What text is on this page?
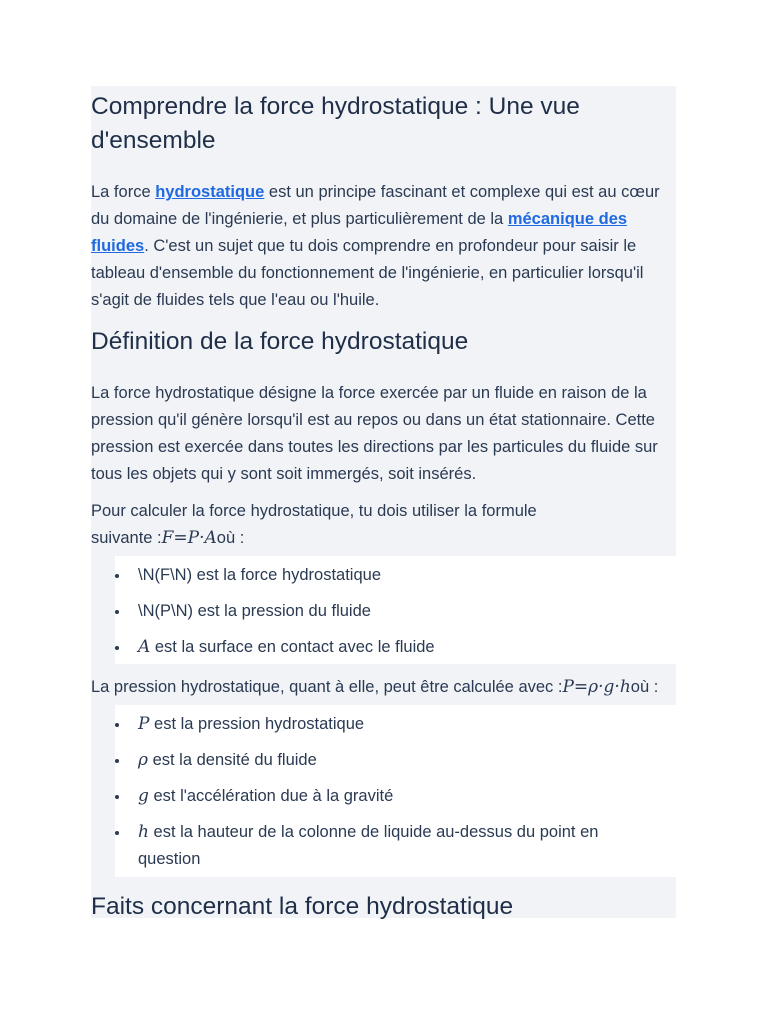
Comprendre la force hydrostatique : Une vue d'ensemble

La force hydrostatique est un principe fascinant et complexe qui est au cœur du domaine de l'ingénierie, et plus particulièrement de la mécanique des fluides. C'est un sujet que tu dois comprendre en profondeur pour saisir le tableau d'ensemble du fonctionnement de l'ingénierie, en particulier lorsqu'il s'agit de fluides tels que l'eau ou l'huile.

Définition de la force hydrostatique

La force hydrostatique désigne la force exercée par un fluide en raison de la pression qu'il génère lorsqu'il est au repos ou dans un état stationnaire. Cette pression est exercée dans toutes les directions par les particules du fluide sur tous les objets qui y sont soit immergés, soit insérés.

Pour calculer la force hydrostatique, tu dois utiliser la formule
suivante :F=P·Aoù :

\N(F\N) est la force hydrostatique
\N(P\N) est la pression du fluide
A est la surface en contact avec le fluide

La pression hydrostatique, quant à elle, peut être calculée avec :P=ρ·g·hoù :

P est la pression hydrostatique
ρ est la densité du fluide
g est l'accélération due à la gravité
h est la hauteur de la colonne de liquide au-dessus du point en question
Faits concernant la force hydrostatique
